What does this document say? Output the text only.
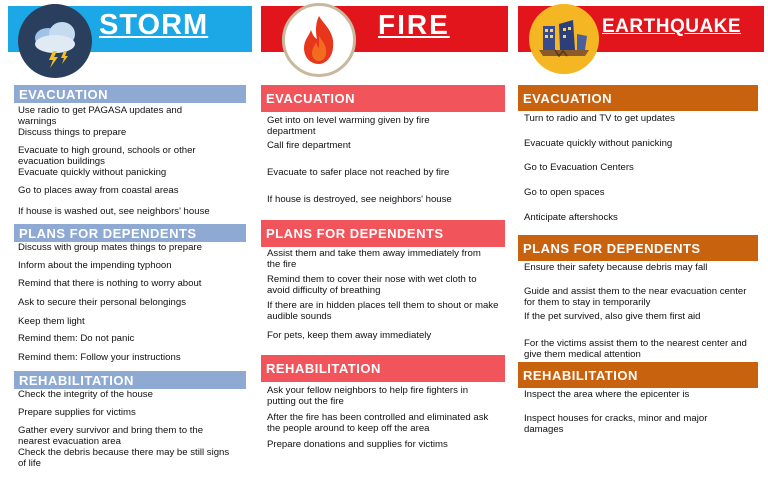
STORM
EVACUATION
Use radio to get PAGASA updates and warnings
Discuss things to prepare
Evacuate to high ground, schools or other evacuation buildings
Evacuate quickly without panicking
Go to places away from coastal areas
If house is washed out, see neighbors' house
PLANS FOR DEPENDENTS
Discuss with group mates things to prepare
Inform about the impending typhoon
Remind that there is nothing to worry about
Ask to secure their personal belongings
Keep them light
Remind them: Do not panic
Remind them: Follow your instructions
REHABILITATION
Check the integrity of the house
Prepare supplies for victims
Gather every survivor and bring them to the nearest evacuation area
Check the debris because there may be still signs of life
FIRE
EVACUATION
Get into on level warming given by fire department
Call fire department
Evacuate to safer place not reached by fire
If house is destroyed, see neighbors' house
PLANS FOR DEPENDENTS
Assist them and take them away immediately from the fire
Remind them to cover their nose with wet cloth to avoid difficulty of breathing
If there are in hidden places tell them to shout or make audible sounds
For pets, keep them away immediately
REHABILITATION
Ask your fellow neighbors to help fire fighters in putting out the fire
After the fire has been controlled and eliminated ask the people around to keep off the area
Prepare donations and supplies for victims
EARTHQUAKE
EVACUATION
Turn to radio and TV to get updates
Evacuate quickly without panicking
Go to Evacuation Centers
Go to open spaces
Anticipate aftershocks
PLANS FOR DEPENDENTS
Ensure their safety because debris may fall
Guide and assist them to the near evacuation center for them to stay in temporarily
If the pet survived, also give them first aid
For the victims assist them to the nearest center and give them medical attention
REHABILITATION
Inspect the area where the epicenter is
Inspect houses for cracks, minor and major damages
